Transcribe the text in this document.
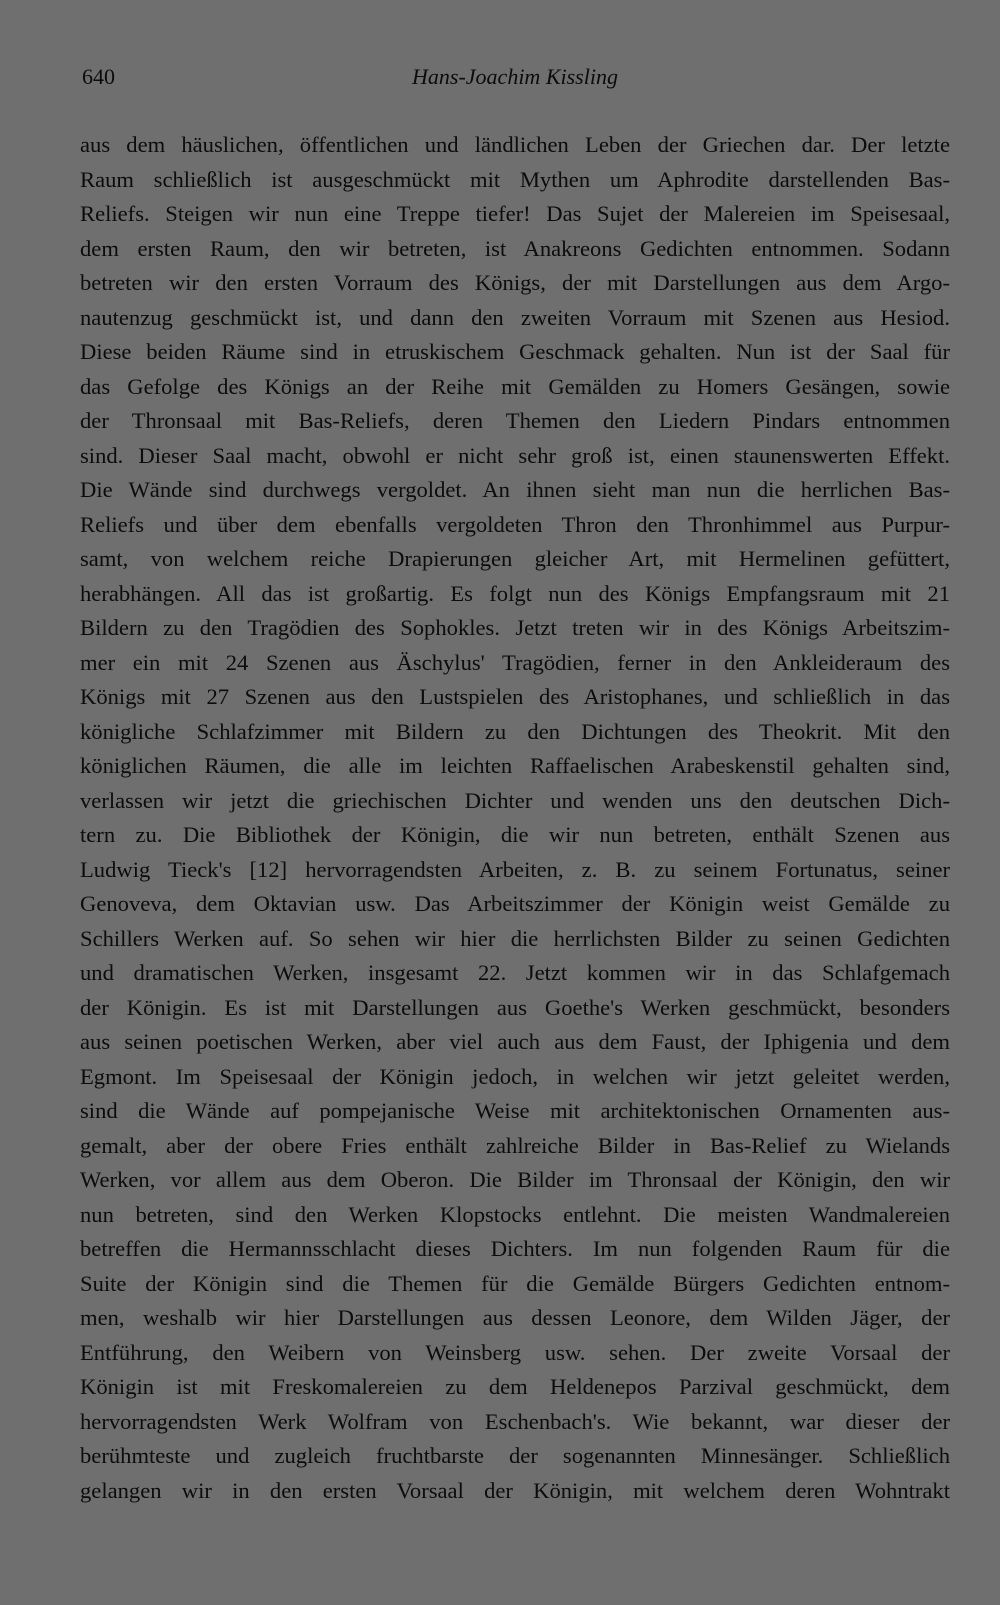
640	Hans-Joachim Kissling
aus dem häuslichen, öffentlichen und ländlichen Leben der Griechen dar. Der letzte
Raum schließlich ist ausgeschmückt mit Mythen um Aphrodite darstellenden Bas-
Reliefs. Steigen wir nun eine Treppe tiefer! Das Sujet der Malereien im Speisesaal,
dem ersten Raum, den wir betreten, ist Anakreons Gedichten entnommen. Sodann
betreten wir den ersten Vorraum des Königs, der mit Darstellungen aus dem Argo-
nautenzug geschmückt ist, und dann den zweiten Vorraum mit Szenen aus Hesiod.
Diese beiden Räume sind in etruskischem Geschmack gehalten. Nun ist der Saal für
das Gefolge des Königs an der Reihe mit Gemälden zu Homers Gesängen, sowie
der Thronsaal mit Bas-Reliefs, deren Themen den Liedern Pindars entnommen
sind. Dieser Saal macht, obwohl er nicht sehr groß ist, einen staunenswerten Effekt.
Die Wände sind durchwegs vergoldet. An ihnen sieht man nun die herrlichen Bas-
Reliefs und über dem ebenfalls vergoldeten Thron den Thronhimmel aus Purpur-
samt, von welchem reiche Drapierungen gleicher Art, mit Hermelinen gefüttert,
herabhängen. All das ist großartig. Es folgt nun des Königs Empfangsraum mit 21
Bildern zu den Tragödien des Sophokles. Jetzt treten wir in des Königs Arbeitszim-
mer ein mit 24 Szenen aus Äschylus' Tragödien, ferner in den Ankleideraum des
Königs mit 27 Szenen aus den Lustspielen des Aristophanes, und schließlich in das
königliche Schlafzimmer mit Bildern zu den Dichtungen des Theokrit. Mit den
königlichen Räumen, die alle im leichten Raffaelischen Arabeskenstil gehalten sind,
verlassen wir jetzt die griechischen Dichter und wenden uns den deutschen Dich-
tern zu. Die Bibliothek der Königin, die wir nun betreten, enthält Szenen aus
Ludwig Tieck's [12] hervorragendsten Arbeiten, z. B. zu seinem Fortunatus, seiner
Genoveva, dem Oktavian usw. Das Arbeitszimmer der Königin weist Gemälde zu
Schillers Werken auf. So sehen wir hier die herrlichsten Bilder zu seinen Gedichten
und dramatischen Werken, insgesamt 22. Jetzt kommen wir in das Schlafgemach
der Königin. Es ist mit Darstellungen aus Goethe's Werken geschmückt, besonders
aus seinen poetischen Werken, aber viel auch aus dem Faust, der Iphigenia und dem
Egmont. Im Speisesaal der Königin jedoch, in welchen wir jetzt geleitet werden,
sind die Wände auf pompejanische Weise mit architektonischen Ornamenten aus-
gemalt, aber der obere Fries enthält zahlreiche Bilder in Bas-Relief zu Wielands
Werken, vor allem aus dem Oberon. Die Bilder im Thronsaal der Königin, den wir
nun betreten, sind den Werken Klopstocks entlehnt. Die meisten Wandmalereien
betreffen die Hermannsschlacht dieses Dichters. Im nun folgenden Raum für die
Suite der Königin sind die Themen für die Gemälde Bürgers Gedichten entnom-
men, weshalb wir hier Darstellungen aus dessen Leonore, dem Wilden Jäger, der
Entführung, den Weibern von Weinsberg usw. sehen. Der zweite Vorsaal der
Königin ist mit Freskomalereien zu dem Heldenepos Parzival geschmückt, dem
hervorragendsten Werk Wolfram von Eschenbach's. Wie bekannt, war dieser der
berühmteste und zugleich fruchtbarste der sogenannten Minnesänger. Schließlich
gelangen wir in den ersten Vorsaal der Königin, mit welchem deren Wohntrakt
